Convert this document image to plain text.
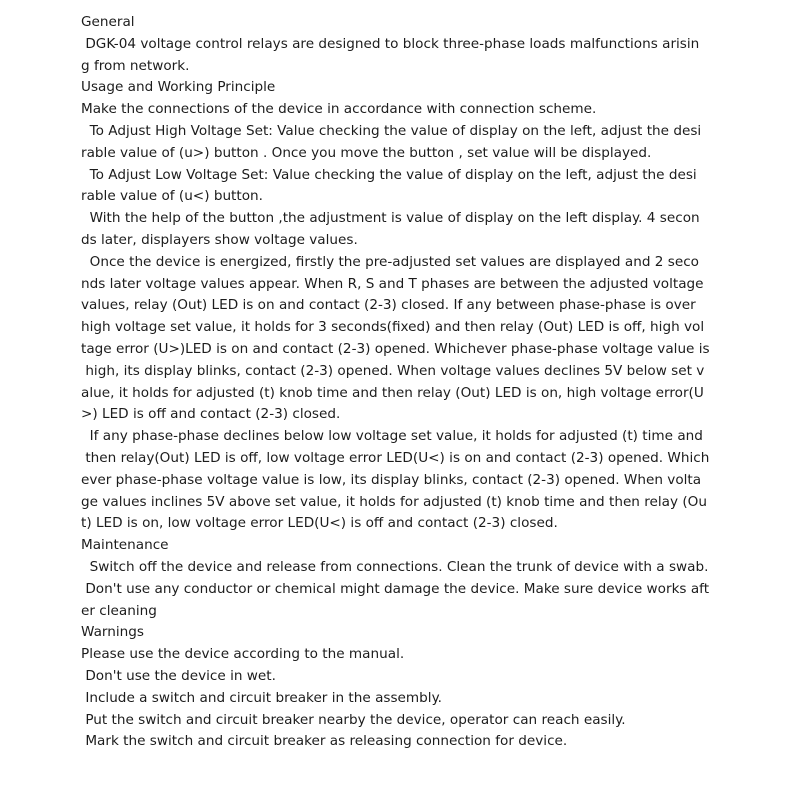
General
DGK-04 voltage control relays are designed to block three-phase loads malfunctions arisin
g from network.
Usage and Working Principle
Make the connections of the device in accordance with connection scheme.
To Adjust High Voltage Set: Value checking the value of display on the left, adjust the desi
rable value of (u>) button . Once you move the button , set value will be displayed.
To Adjust Low Voltage Set: Value checking the value of display on the left, adjust the desi
rable value of (u<) button.
With the help of the button ,the adjustment is value of display on the left display. 4 secon
ds later, displayers show voltage values.
Once the device is energized, firstly the pre-adjusted set values are displayed and 2 seco
nds later voltage values appear. When R, S and T phases are between the adjusted voltage
values, relay (Out) LED is on and contact (2-3) closed. If any between phase-phase is over
high voltage set value, it holds for 3 seconds(fixed) and then relay (Out) LED is off, high vol
tage error (U>)LED is on and contact (2-3) opened. Whichever phase-phase voltage value is
high, its display blinks, contact (2-3) opened. When voltage values declines 5V below set v
alue, it holds for adjusted (t) knob time and then relay (Out) LED is on, high voltage error(U
>) LED is off and contact (2-3) closed.
If any phase-phase declines below low voltage set value, it holds for adjusted (t) time and
then relay(Out) LED is off, low voltage error LED(U<) is on and contact (2-3) opened. Which
ever phase-phase voltage value is low, its display blinks, contact (2-3) opened. When volta
ge values inclines 5V above set value, it holds for adjusted (t) knob time and then relay (Ou
t) LED is on, low voltage error LED(U<) is off and contact (2-3) closed.
Maintenance
Switch off the device and release from connections. Clean the trunk of device with a swab.
Don't use any conductor or chemical might damage the device. Make sure device works aft
er cleaning
Warnings
Please use the device according to the manual.
Don't use the device in wet.
Include a switch and circuit breaker in the assembly.
Put the switch and circuit breaker nearby the device, operator can reach easily.
Mark the switch and circuit breaker as releasing connection for device.
